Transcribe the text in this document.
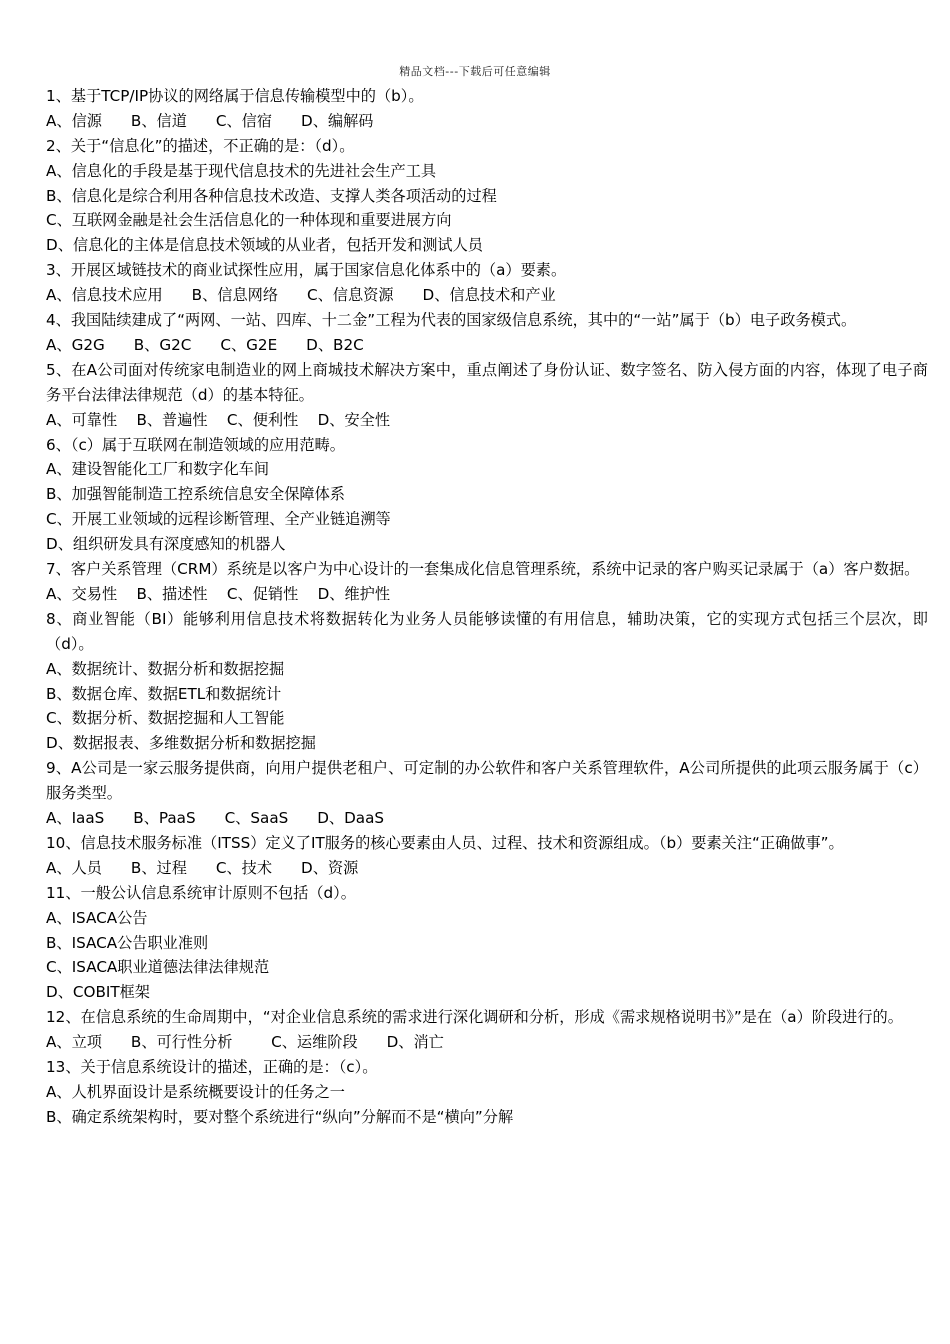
精品文档---下载后可任意编辑
1、基于TCP/IP协议的网络属于信息传输模型中的（b）。
A、信源      B、信道      C、信宿      D、编解码
2、关于“信息化”的描述，不正确的是：（d）。
A、信息化的手段是基于现代信息技术的先进社会生产工具
B、信息化是综合利用各种信息技术改造、支撑人类各项活动的过程
C、互联网金融是社会生活信息化的一种体现和重要进展方向
D、信息化的主体是信息技术领域的从业者，包括开发和测试人员
3、开展区域链技术的商业试探性应用，属于国家信息化体系中的（a）要素。
A、信息技术应用      B、信息网络      C、信息资源      D、信息技术和产业
4、我国陆续建成了“两网、一站、四库、十二金”工程为代表的国家级信息系统，其中的“一站”属于（b）电子政务模式。
A、G2G      B、G2C      C、G2E      D、B2C
5、在A公司面对传统家电制造业的网上商城技术解决方案中，重点阐述了身份认证、数字签名、防入侵方面的内容，体现了电子商务平台法律法律规范（d）的基本特征。
A、可靠性    B、普遍性    C、便利性    D、安全性
6、（c）属于互联网在制造领域的应用范畴。
A、建设智能化工厂和数字化车间
B、加强智能制造工控系统信息安全保障体系
C、开展工业领域的远程诊断管理、全产业链追溯等
D、组织研发具有深度感知的机器人
7、客户关系管理（CRM）系统是以客户为中心设计的一套集成化信息管理系统，系统中记录的客户购买记录属于（a）客户数据。
A、交易性    B、描述性    C、促销性    D、维护性
8、商业智能（BI）能够利用信息技术将数据转化为业务人员能够读懂的有用信息，辅助决策，它的实现方式包括三个层次，即（d）。
A、数据统计、数据分析和数据挖掘
B、数据仓库、数据ETL和数据统计
C、数据分析、数据挖掘和人工智能
D、数据报表、多维数据分析和数据挖掘
9、A公司是一家云服务提供商，向用户提供老租户、可定制的办公软件和客户关系管理软件，A公司所提供的此项云服务属于（c）服务类型。
A、IaaS      B、PaaS      C、SaaS      D、DaaS
10、信息技术服务标准（ITSS）定义了IT服务的核心要素由人员、过程、技术和资源组成。（b）要素关注“正确做事”。
A、人员      B、过程      C、技术      D、资源
11、一般公认信息系统审计原则不包括（d）。
A、ISACA公告
B、ISACA公告职业准则
C、ISACA职业道德法律法律规范
D、COBIT框架
12、在信息系统的生命周期中，“对企业信息系统的需求进行深化调研和分析，形成《需求规格说明书》”是在（a）阶段进行的。
A、立项      B、可行性分析        C、运维阶段      D、消亡
13、关于信息系统设计的描述，正确的是：（c）。
A、人机界面设计是系统概要设计的任务之一
B、确定系统架构时，要对整个系统进行“纵向”分解而不是“横向”分解
